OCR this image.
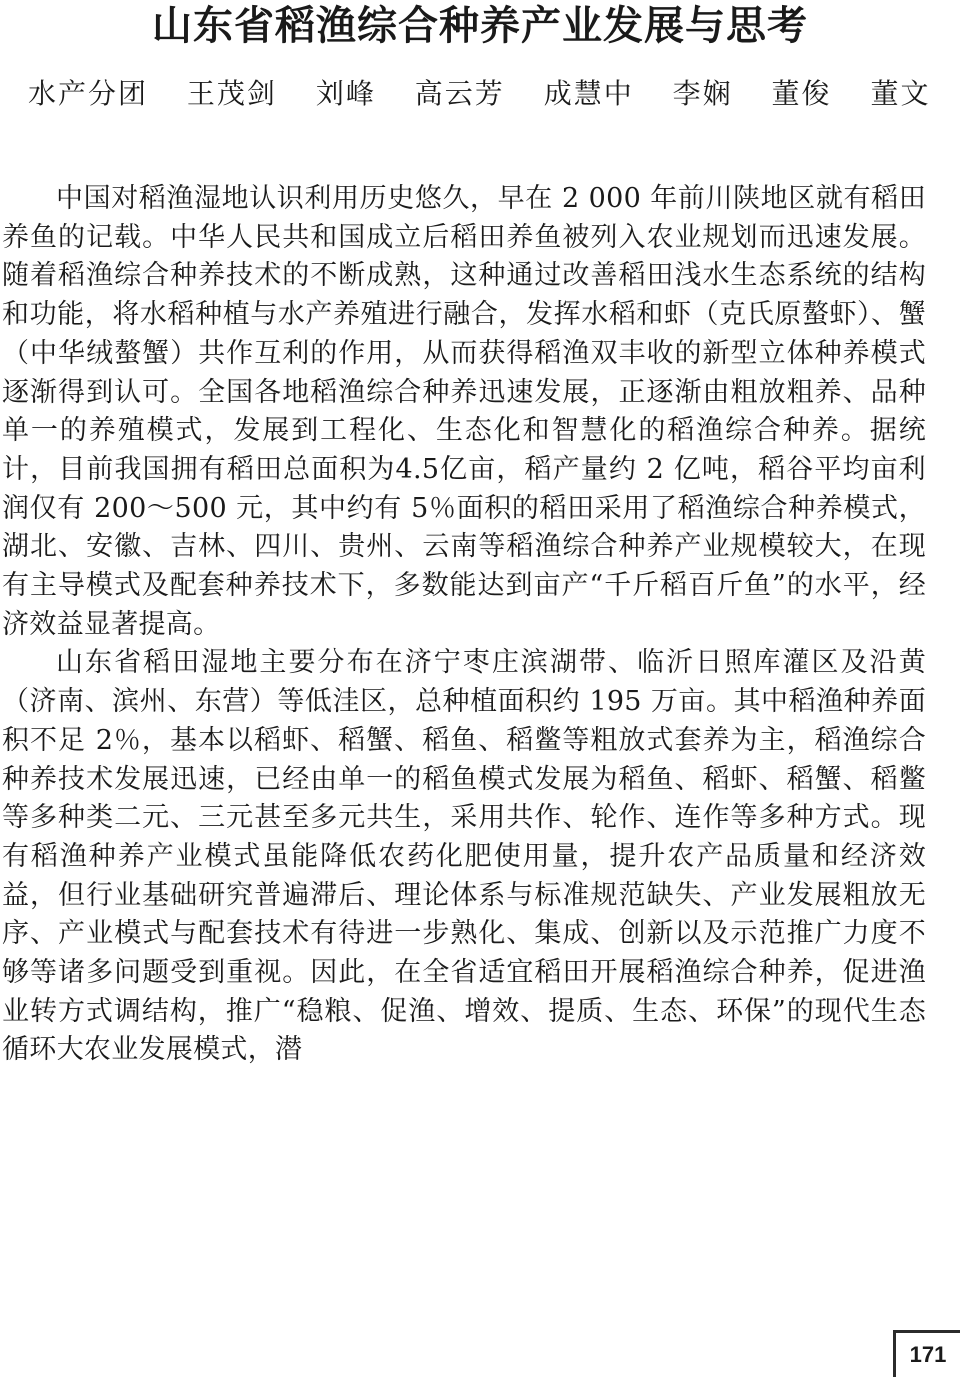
山东省稻渔综合种养产业发展与思考
水产分团 王茂剑 刘峰 高云芳 成慧中 李娴 董俊 董文

中国对稻渔湿地认识利用历史悠久，早在 2 000 年前川陕地区就有稻田养鱼的记载。中华人民共和国成立后稻田养鱼被列入农业规划而迅速发展。随着稻渔综合种养技术的不断成熟，这种通过改善稻田浅水生态系统的结构和功能，将水稻种植与水产养殖进行融合，发挥水稻和虾（克氏原螯虾）、蟹（中华绒螯蟹）共作互利的作用，从而获得稻渔双丰收的新型立体种养模式逐渐得到认可。全国各地稻渔综合种养迅速发展，正逐渐由粗放粗养、品种单一的养殖模式，发展到工程化、生态化和智慧化的稻渔综合种养。据统计，目前我国拥有稻田总面积为4.5亿亩，稻产量约 2 亿吨，稻谷平均亩利润仅有 200～500 元，其中约有 5％面积的稻田采用了稻渔综合种养模式，湖北、安徽、吉林、四川、贵州、云南等稻渔综合种养产业规模较大，在现有主导模式及配套种养技术下，多数能达到亩产“千斤稻百斤鱼”的水平，经济效益显著提高。

山东省稻田湿地主要分布在济宁枣庄滨湖带、临沂日照库灌区及沿黄（济南、滨州、东营）等低洼区，总种植面积约 195 万亩。其中稻渔种养面积不足 2％，基本以稻虾、稻蟹、稻鱼、稻鳖等粗放式套养为主，稻渔综合种养技术发展迅速，已经由单一的稻鱼模式发展为稻鱼、稻虾、稻蟹、稻鳖等多种类二元、三元甚至多元共生，采用共作、轮作、连作等多种方式。现有稻渔种养产业模式虽能降低农药化肥使用量，提升农产品质量和经济效益，但行业基础研究普遍滞后、理论体系与标准规范缺失、产业发展粗放无序、产业模式与配套技术有待进一步熟化、集成、创新以及示范推广力度不够等诸多问题受到重视。因此，在全省适宜稻田开展稻渔综合种养，促进渔业转方式调结构，推广“稳粮、促渔、增效、提质、生态、环保”的现代生态循环大农业发展模式，潜

171
